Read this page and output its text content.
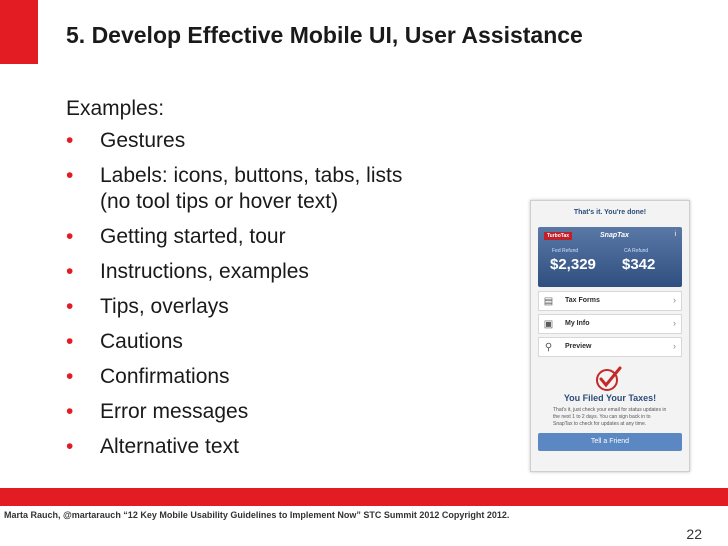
5. Develop Effective Mobile UI, User Assistance
Examples:
• Gestures
• Labels: icons, buttons, tabs, lists
(no tool tips or hover text)
• Getting started, tour
• Instructions, examples
• Tips, overlays
• Cautions
• Confirmations
• Error messages
• Alternative text
That's it. You're done!
TurboTax	SnapTax	i
Fed Refund	CA Refund
$2,329 $342
▤ Tax Forms	›
▣ My Info	›
⚲	Preview	›
You Filed Your Taxes!
That's it, just check your email for status updates in the next 1 to 2 days. You can sign back in to SnapTax to check for updates at any time.
Tell a Friend
Marta Rauch, @martarauch “12 Key Mobile Usability Guidelines to Implement Now” STC Summit 2012 Copyright 2012.
22
